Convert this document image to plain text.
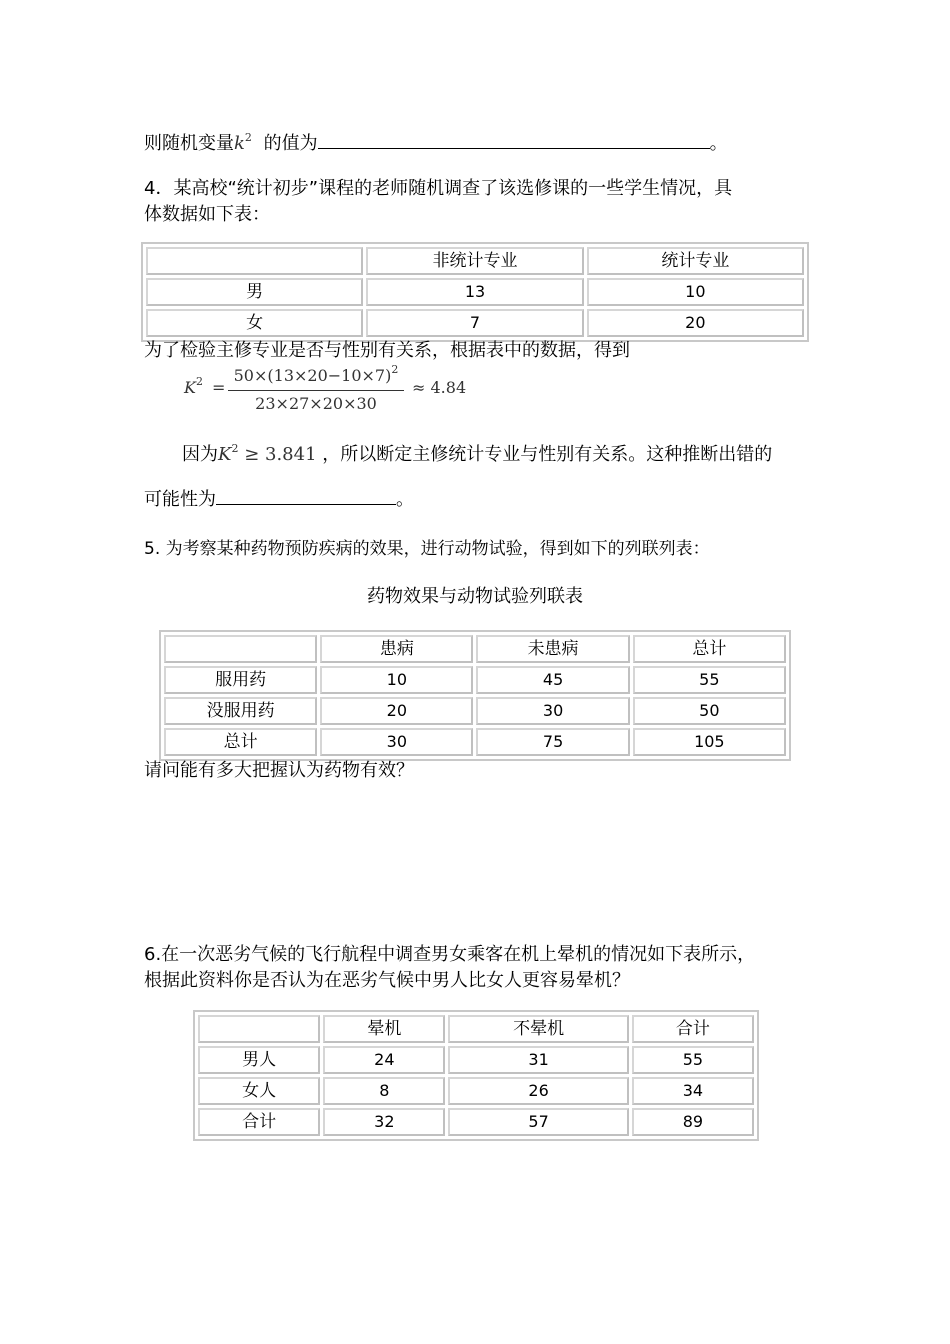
则随机变量$k^2$ 的值为	。
4．某高校“统计初步”课程的老师随机调查了该选修课的一些学生情况，具
体数据如下表：
	非统计专业	统计专业
男	13	10
女	7	20
为了检验主修专业是否与性别有关系，根据表中的数据，得到
$K^2$ =
$50\times(13\times 20-10\times 7)^2$
23×27×20×30
≈ 4.84
因为$K^2 \ge 3.841$ ，所以断定主修统计专业与性别有关系。这种推断出错的
可能性为	。
5. 为考察某种药物预防疾病的效果，进行动物试验，得到如下的列联列表：
药物效果与动物试验列联表
	患病	未患病	总计
服用药	10	45	55
没服用药	20	30	50
总计	30	75	105
请问能有多大把握认为药物有效？
6.在一次恶劣气候的飞行航程中调查男女乘客在机上晕机的情况如下表所示，
根据此资料你是否认为在恶劣气候中男人比女人更容易晕机？
	晕机	不晕机	合计
男人	24	31	55
女人	8	26	34
合计	32	57	89
